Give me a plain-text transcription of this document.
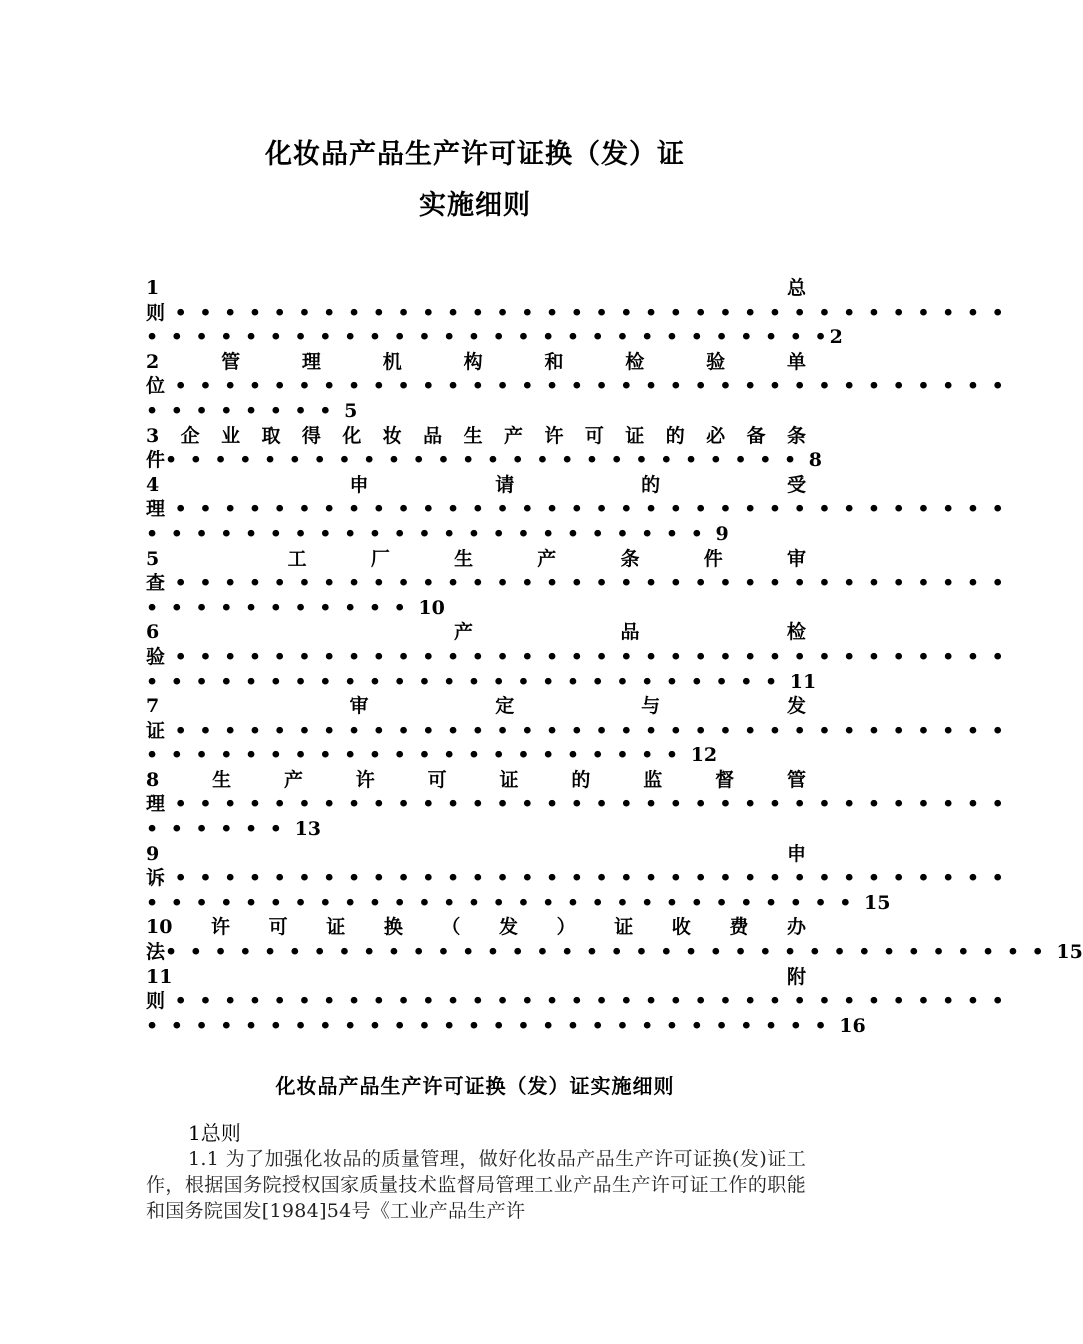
化妆品产品生产许可证换（发）证
实施细则
1	总
则 • • • • • • • • • • • • • • • • • • • • • • • • • • • • • • • • • •
• • • • • • • • • • • • • • • • • • • • • • • • • • • •2
2	管	理	机	构	和	检	验	单
位 • • • • • • • • • • • • • • • • • • • • • • • • • • • • • • • • • •
• • • • • • • • 5
3 企 业 取 得 化 妆 品 生 产 许 可 证 的 必 备 条
件• • • • • • • • • • • • • • • • • • • • • • • • • • 8
4	申	请	的	受
理 • • • • • • • • • • • • • • • • • • • • • • • • • • • • • • • • • •
• • • • • • • • • • • • • • • • • • • • • • • 9
5	工	厂	生	产	条	件	审
查 • • • • • • • • • • • • • • • • • • • • • • • • • • • • • • • • • •
• • • • • • • • • • • 10
6	产	品	检
验 • • • • • • • • • • • • • • • • • • • • • • • • • • • • • • • • • •
• • • • • • • • • • • • • • • • • • • • • • • • • • 11
7	审	定	与	发
证 • • • • • • • • • • • • • • • • • • • • • • • • • • • • • • • • • •
• • • • • • • • • • • • • • • • • • • • • • 12
8	生	产	许	可	证	的	监	督	管
理 • • • • • • • • • • • • • • • • • • • • • • • • • • • • • • • • • •
• • • • • • 13
9	申
诉 • • • • • • • • • • • • • • • • • • • • • • • • • • • • • • • • • •
• • • • • • • • • • • • • • • • • • • • • • • • • • • • • 15
10 许 可 证 换 （ 发 ） 证 收 费 办
法• • • • • • • • • • • • • • • • • • • • • • • • • • • • • • • • • • • • 15
11	附
则 • • • • • • • • • • • • • • • • • • • • • • • • • • • • • • • • • •
• • • • • • • • • • • • • • • • • • • • • • • • • • • • 16
化妆品产品生产许可证换（发）证实施细则
1总则
1.1 为了加强化妆品的质量管理，做好化妆品产品生产许可证换(发)证工作，根据国务院授权国家质量技术监督局管理工业产品生产许可证工作的职能和国务院国发[1984]54号《工业产品生产许
